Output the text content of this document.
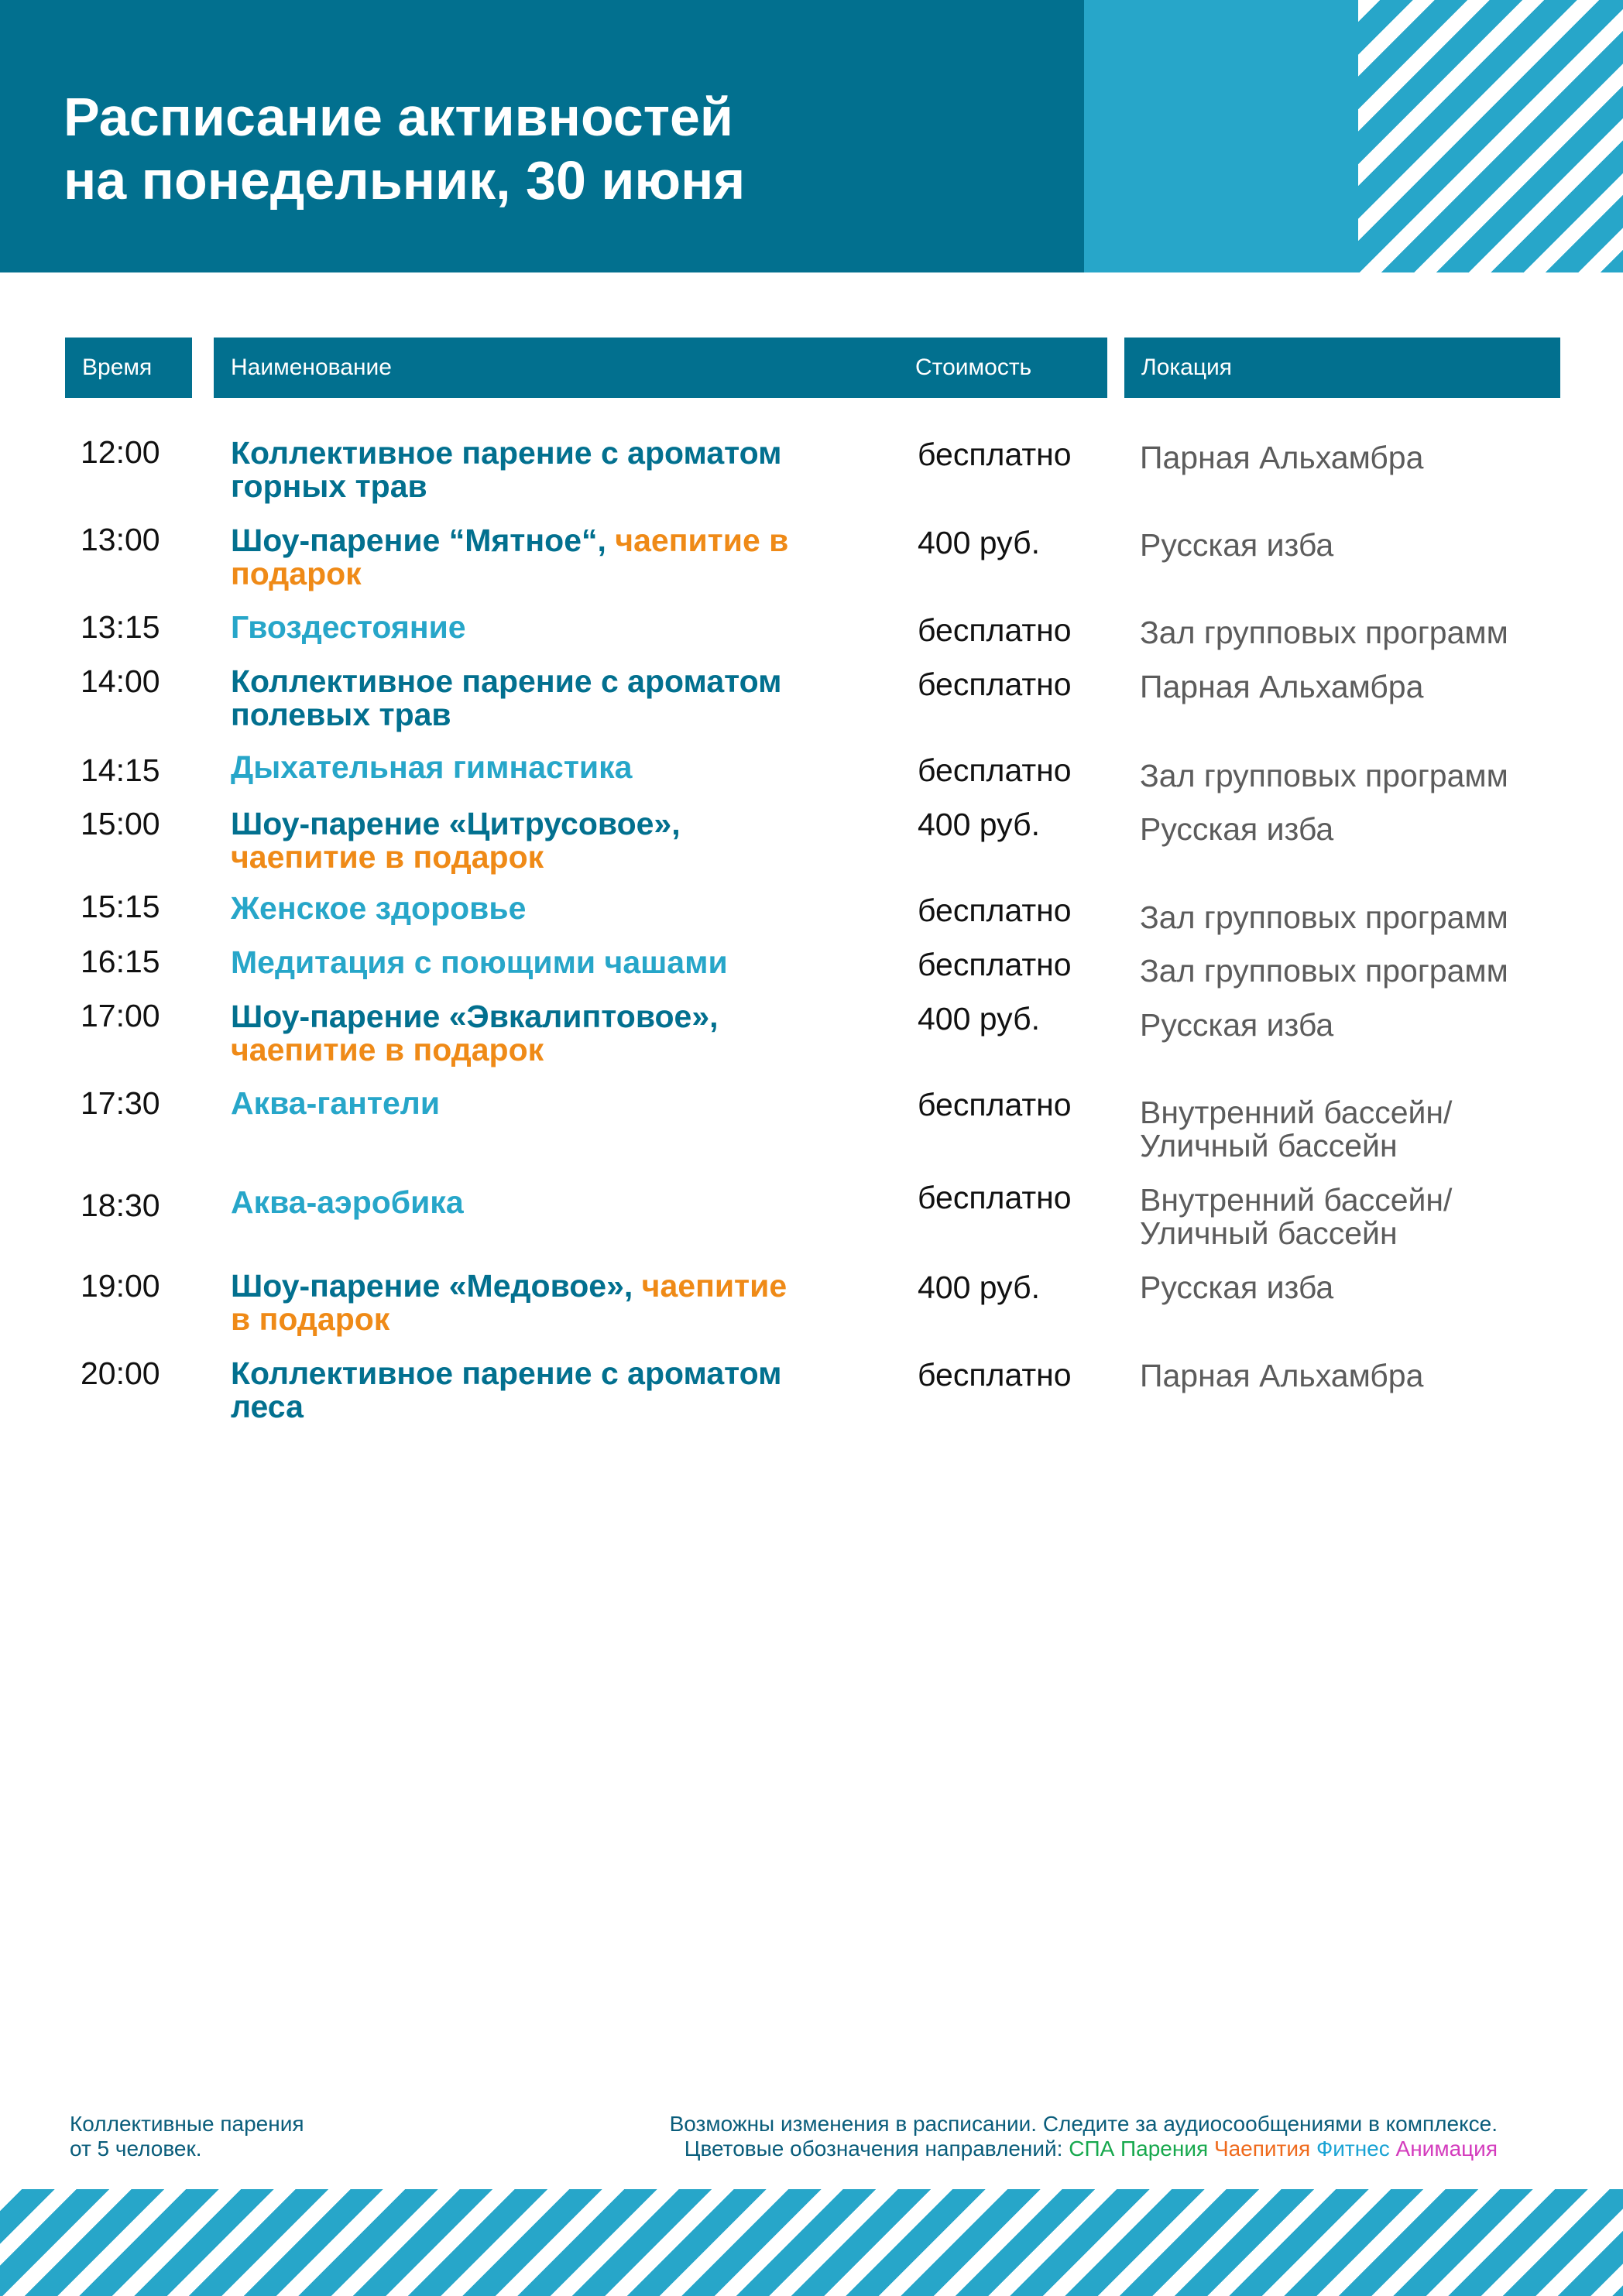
Расписание активностей
на понедельник, 30 июня
Время	Наименование	Стоимость	Локация
12:00 Коллективное парение с ароматом
горных трав
бесплатно Парная Альхамбра
13:00 Шоу-парение “Мятное“, чаепитие в
подарок
400 руб.	Русская изба
13:15 Гвоздестояние	бесплатно Зал групповых программ
14:00 Коллективное парение с ароматом
полевых трав
бесплатно Парная Альхамбра
14:15 Дыхательная гимнастика	бесплатно Зал групповых программ
15:00 Шоу-парение «Цитрусовое»,
чаепитие в подарок
400 руб.	Русская изба
15:15 Женское здоровье	бесплатно Зал групповых программ
16:15 Медитация с поющими чашами	бесплатно Зал групповых программ
17:00 Шоу-парение «Эвкалиптовое»,
чаепитие в подарок
400 руб.	Русская изба
17:30 Аква-гантели	бесплатно Внутренний бассейн/
Уличный бассейн
18:30 Аква-аэробика	бесплатно Внутренний бассейн/
Уличный бассейн
19:00 Шоу-парение «Медовое», чаепитие
в подарок
400 руб.	Русская изба
20:00 Коллективное парение с ароматом
леса
бесплатно Парная Альхамбра
Коллективные парения
от 5 человек.
Возможны изменения в расписании. Следите за аудиосообщениями в комплексе.
Цветовые обозначения направлений: СПА Парения Чаепития Фитнес Анимация
